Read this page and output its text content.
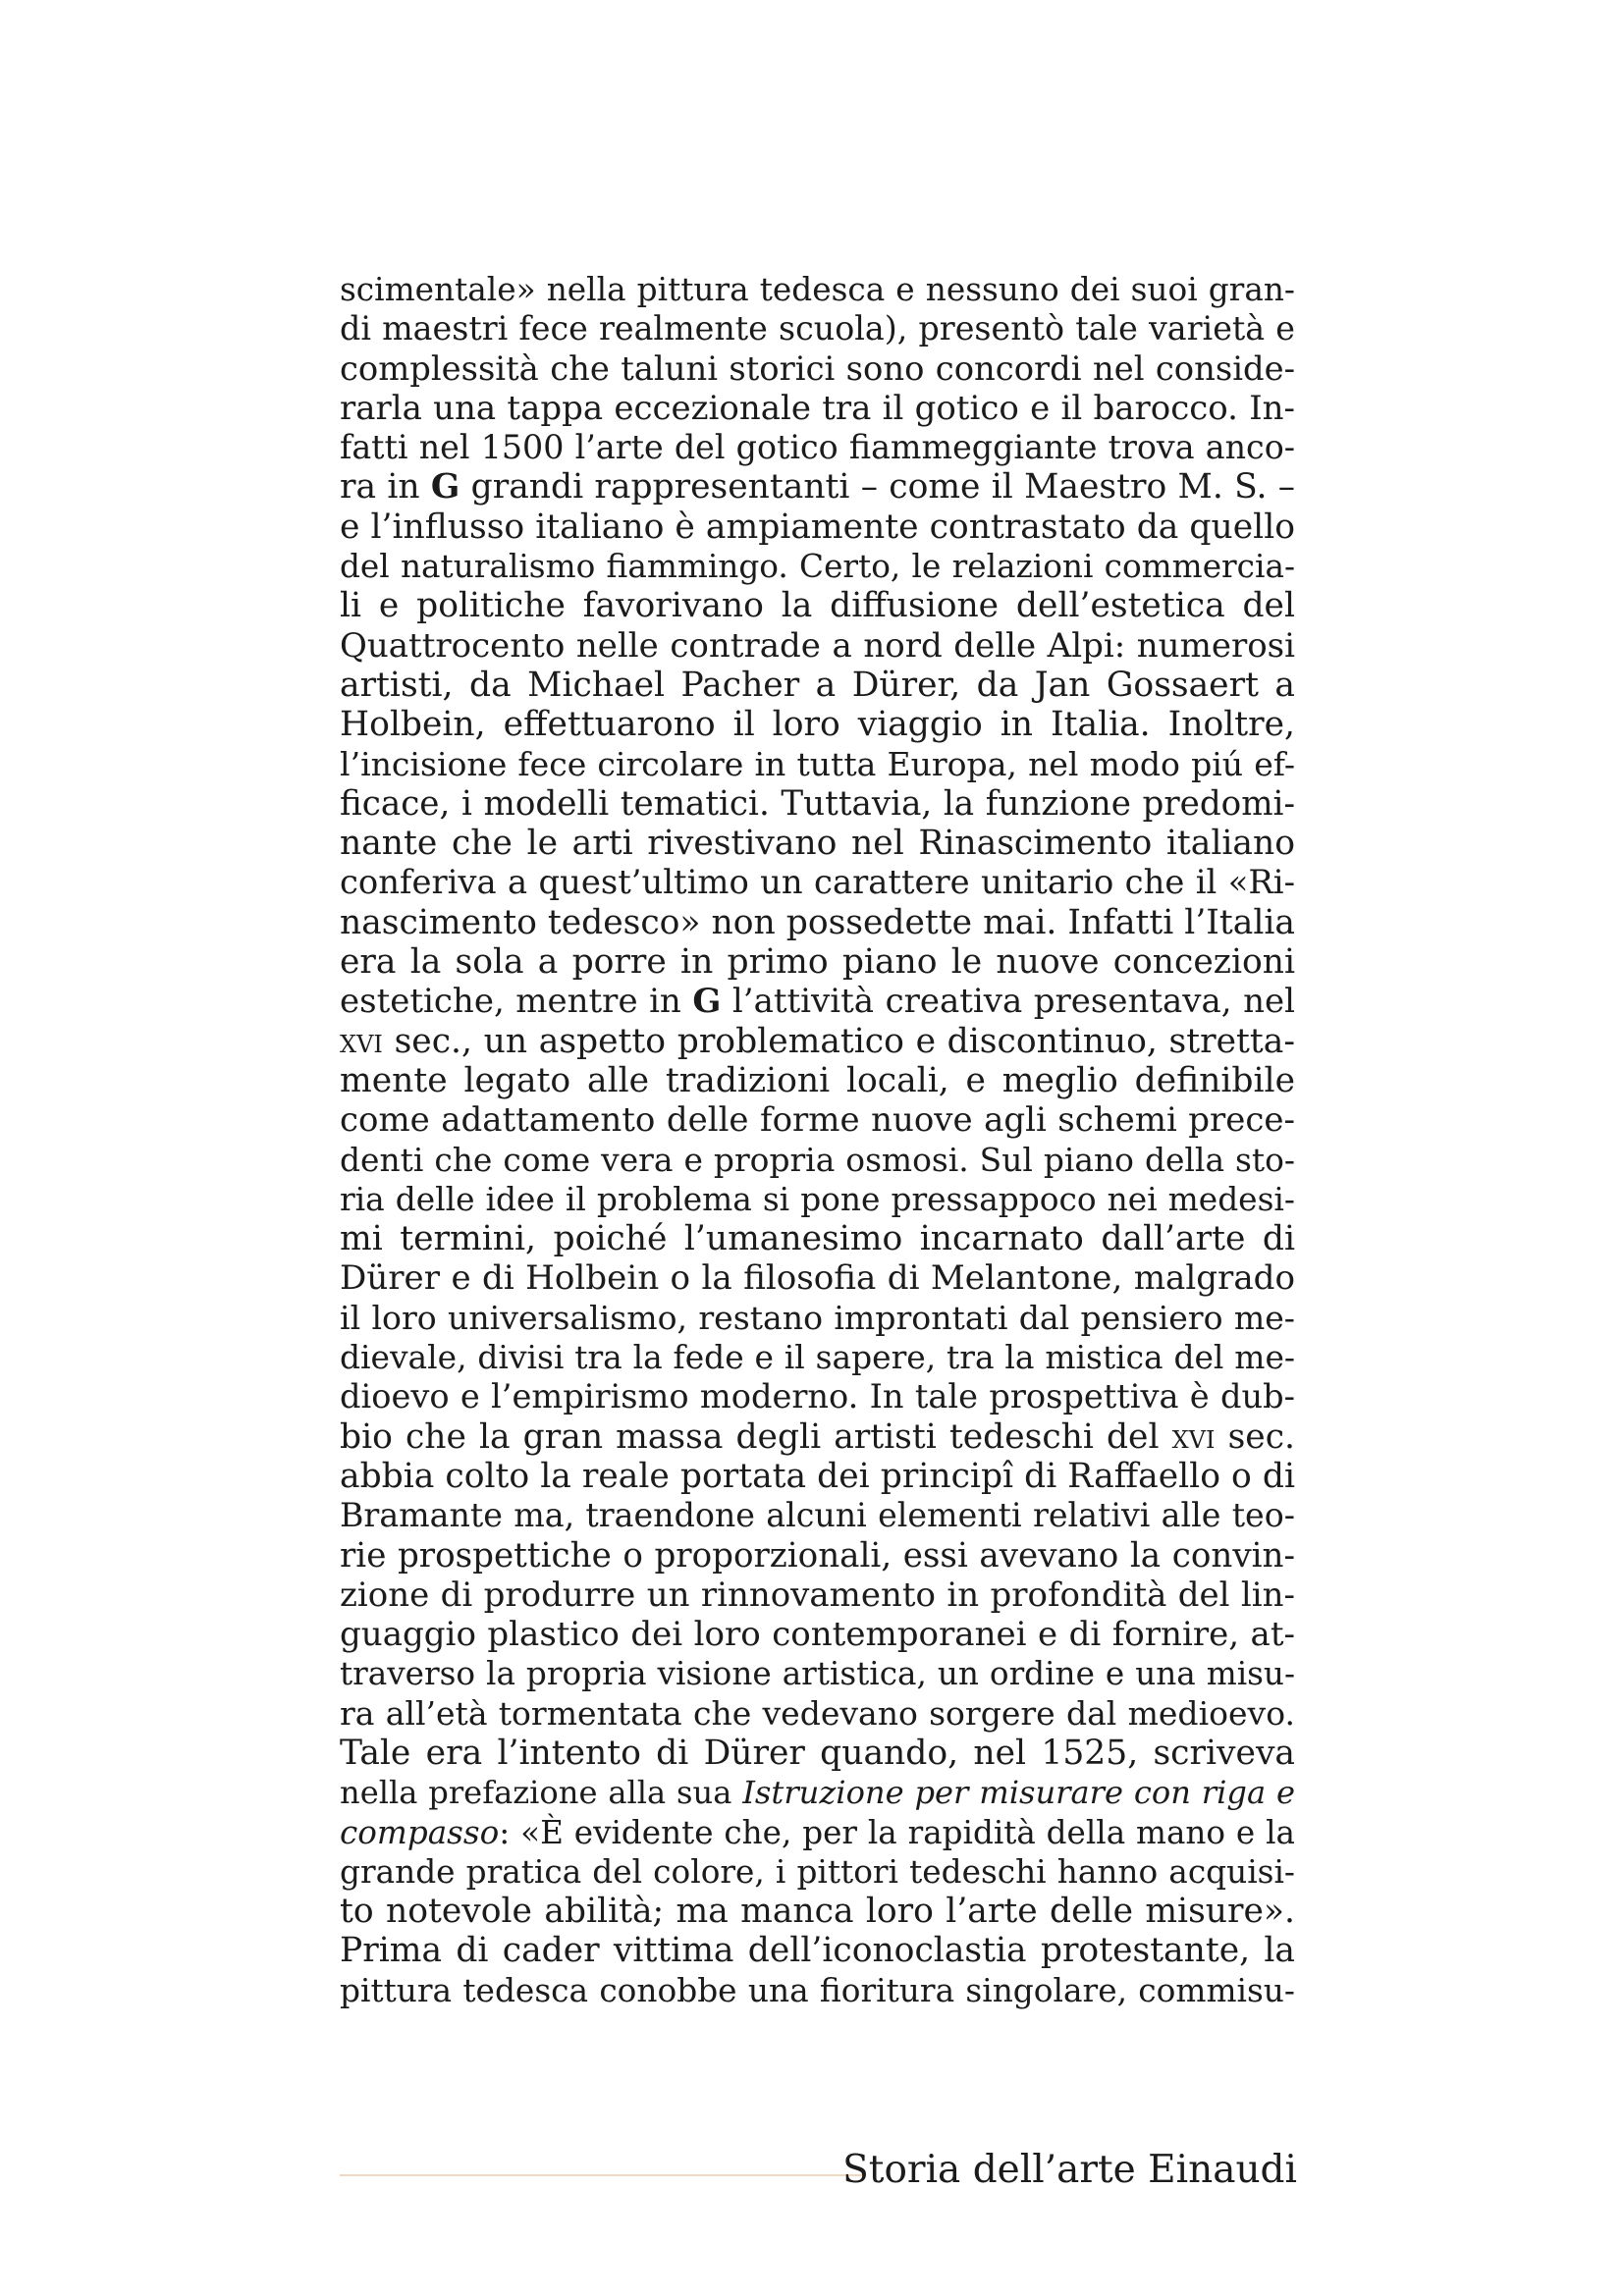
scimentale» nella pittura tedesca e nessuno dei suoi gran-
di maestri fece realmente scuola), presentò tale varietà e
complessità che taluni storici sono concordi nel conside-
rarla una tappa eccezionale tra il gotico e il barocco. In-
fatti nel 1500 l’arte del gotico fiammeggiante trova anco-
ra in G grandi rappresentanti – come il Maestro M. S. –
e l’influsso italiano è ampiamente contrastato da quello
del naturalismo fiammingo. Certo, le relazioni commercia-
li e politiche favorivano la diffusione dell’estetica del
Quattrocento nelle contrade a nord delle Alpi: numerosi
artisti, da Michael Pacher a Dürer, da Jan Gossaert a
Holbein, effettuarono il loro viaggio in Italia. Inoltre,
l’incisione fece circolare in tutta Europa, nel modo piú ef-
ficace, i modelli tematici. Tuttavia, la funzione predomi-
nante che le arti rivestivano nel Rinascimento italiano
conferiva a quest’ultimo un carattere unitario che il «Ri-
nascimento tedesco» non possedette mai. Infatti l’Italia
era la sola a porre in primo piano le nuove concezioni
estetiche, mentre in G l’attività creativa presentava, nel
xvi sec., un aspetto problematico e discontinuo, stretta-
mente legato alle tradizioni locali, e meglio definibile
come adattamento delle forme nuove agli schemi prece-
denti che come vera e propria osmosi. Sul piano della sto-
ria delle idee il problema si pone pressappoco nei medesi-
mi termini, poiché l’umanesimo incarnato dall’arte di
Dürer e di Holbein o la filosofia di Melantone, malgrado
il loro universalismo, restano improntati dal pensiero me-
dievale, divisi tra la fede e il sapere, tra la mistica del me-
dioevo e l’empirismo moderno. In tale prospettiva è dub-
bio che la gran massa degli artisti tedeschi del xvi sec.
abbia colto la reale portata dei principî di Raffaello o di
Bramante ma, traendone alcuni elementi relativi alle teo-
rie prospettiche o proporzionali, essi avevano la convin-
zione di produrre un rinnovamento in profondità del lin-
guaggio plastico dei loro contemporanei e di fornire, at-
traverso la propria visione artistica, un ordine e una misu-
ra all’età tormentata che vedevano sorgere dal medioevo.
Tale era l’intento di Dürer quando, nel 1525, scriveva
nella prefazione alla sua Istruzione per misurare con riga e
compasso: «È evidente che, per la rapidità della mano e la
grande pratica del colore, i pittori tedeschi hanno acquisi-
to notevole abilità; ma manca loro l’arte delle misure».
Prima di cader vittima dell’iconoclastia protestante, la
pittura tedesca conobbe una fioritura singolare, commisu-
Storia dell’arte Einaudi
